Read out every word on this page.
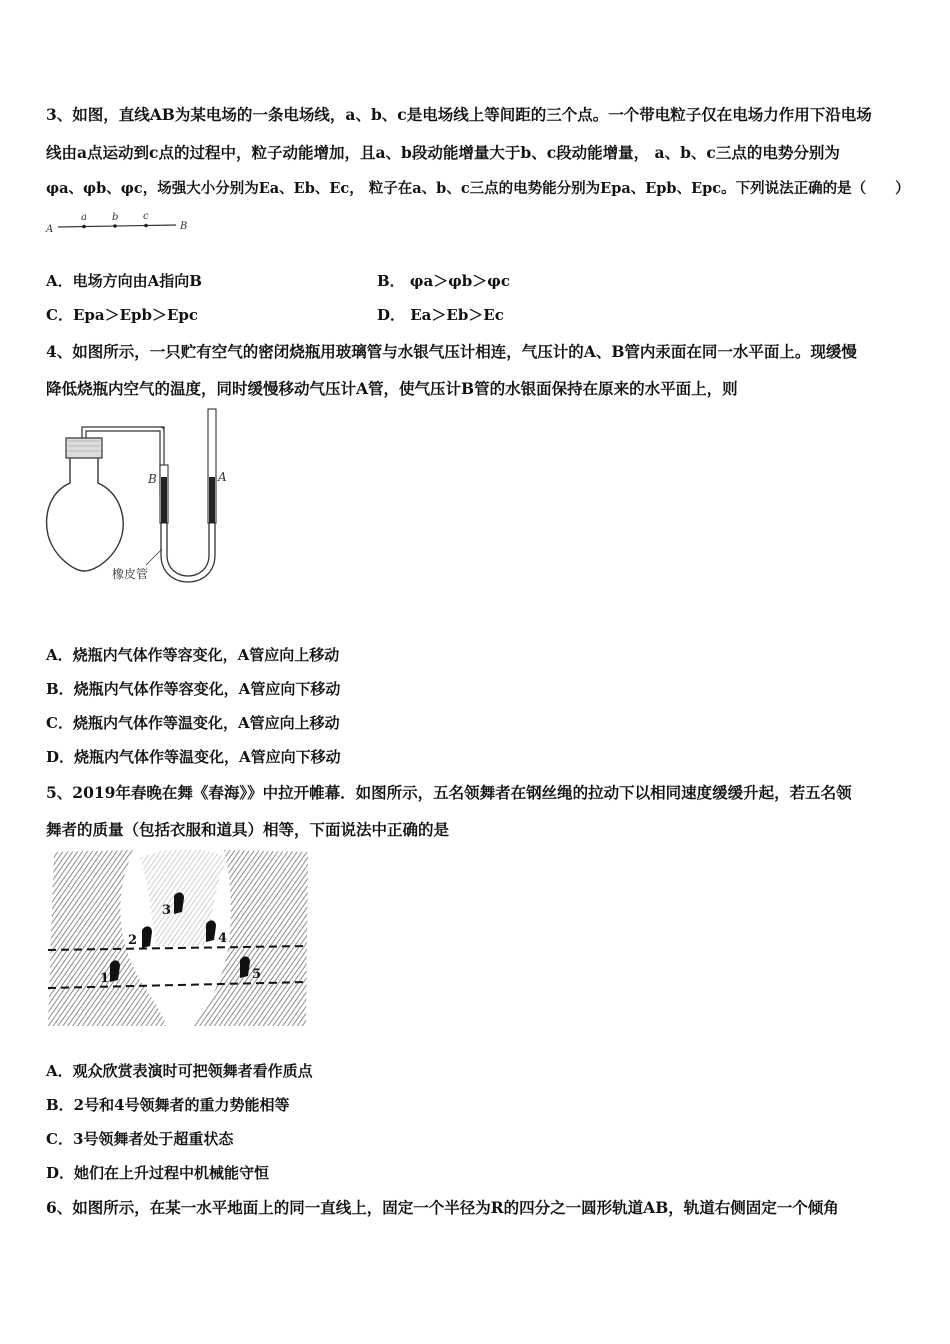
3、如图，直线AB为某电场的一条电场线，a、b、c是电场线上等间距的三个点。一个带电粒子仅在电场力作用下沿电场
线由a点运动到c点的过程中，粒子动能增加，且a、b段动能增量大于b、c段动能增量， a、b、c三点的电势分别为
φa、φb、φc，场强大小分别为Ea、Eb、Ec， 粒子在a、b、c三点的电势能分别为Epa、Epb、Epc。下列说法正确的是（　　）
A
a	b c
B
A．电场方向由A指向B	B． φa＞φb＞φc
C．Epa＞Epb＞Epc	D． Ea＞Eb＞Ec
4、如图所示，一只贮有空气的密闭烧瓶用玻璃管与水银气压计相连，气压计的A、B管内汞面在同一水平面上。现缓慢
降低烧瓶内空气的温度，同时缓慢移动气压计A管，使气压计B管的水银面保持在原来的水平面上，则
B	A
橡皮管
A．烧瓶内气体作等容变化，A管应向上移动
B．烧瓶内气体作等容变化，A管应向下移动
C．烧瓶内气体作等温变化，A管应向上移动
D．烧瓶内气体作等温变化，A管应向下移动
5、2019年春晚在舞《春海》》中拉开帷幕．如图所示，五名领舞者在钢丝绳的拉动下以相同速度缓缓升起，若五名领
舞者的质量（包括衣服和道具）相等，下面说法中正确的是
3
2	4
1	5
A．观众欣赏表演时可把领舞者看作质点
B．2号和4号领舞者的重力势能相等
C．3号领舞者处于超重状态
D．她们在上升过程中机械能守恒
6、如图所示，在某一水平地面上的同一直线上，固定一个半径为R的四分之一圆形轨道AB，轨道右侧固定一个倾角
